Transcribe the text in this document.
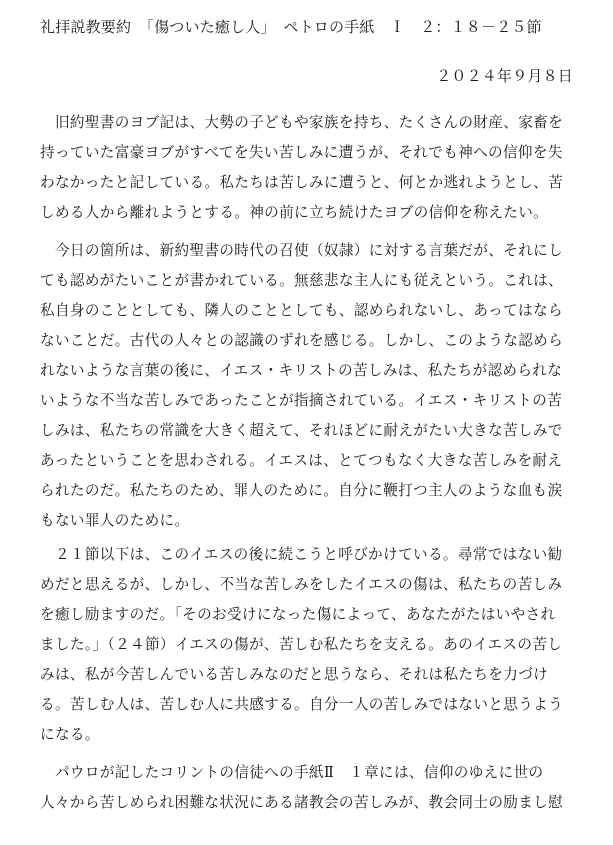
礼拝説教要約　「傷ついた癒し人」　ペトロの手紙　Ｉ　２：１８－２５節
２０２４年９月８日
　旧約聖書のヨブ記は、大勢の子どもや家族を持ち、たくさんの財産、家畜を
持っていた富豪ヨブがすべてを失い苦しみに遭うが、それでも神への信仰を失
わなかったと記している。私たちは苦しみに遭うと、何とか逃れようとし、苦
しめる人から離れようとする。神の前に立ち続けたヨブの信仰を称えたい。
　今日の箇所は、新約聖書の時代の召使（奴隷）に対する言葉だが、それにし
ても認めがたいことが書かれている。無慈悲な主人にも従えという。これは、
私自身のこととしても、隣人のこととしても、認められないし、あってはなら
ないことだ。古代の人々との認識のずれを感じる。しかし、このような認めら
れないような言葉の後に、イエス・キリストの苦しみは、私たちが認められな
いような不当な苦しみであったことが指摘されている。イエス・キリストの苦
しみは、私たちの常識を大きく超えて、それほどに耐えがたい大きな苦しみで
あったということを思わされる。イエスは、とてつもなく大きな苦しみを耐え
られたのだ。私たちのため、罪人のために。自分に鞭打つ主人のような血も涙
もない罪人のために。
　２１節以下は、このイエスの後に続こうと呼びかけている。尋常ではない勧
めだと思えるが、しかし、不当な苦しみをしたイエスの傷は、私たちの苦しみ
を癒し励ますのだ。「そのお受けになった傷によって、あなたがたはいやされ
ました。」（２４節）イエスの傷が、苦しむ私たちを支える。あのイエスの苦し
みは、私が今苦しんでいる苦しみなのだと思うなら、それは私たちを力づけ
る。苦しむ人は、苦しむ人に共感する。自分一人の苦しみではないと思うよう
になる。
　パウロが記したコリントの信徒への手紙Ⅱ　１章には、信仰のゆえに世の
人々から苦しめられ困難な状況にある諸教会の苦しみが、教会同士の励まし慰
